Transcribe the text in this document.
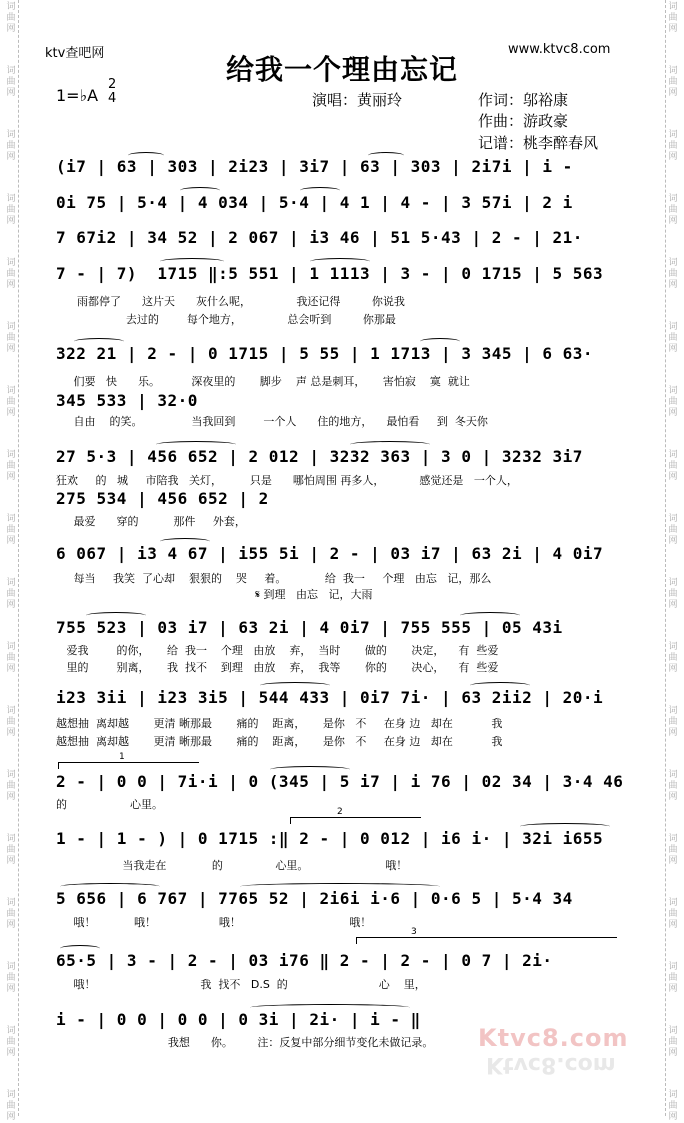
词
曲
网
词
曲
网
词
曲
网
词
曲
网
词
曲
网
词
曲
网
词
曲
网
词
曲
网
词
曲
网
词
曲
网
词
曲
网
词
曲
网
词
曲
网
词
曲
网
词
曲
网
词
曲
网
词
曲
网
词
曲
网
词
曲
网
词
曲
网
词
曲
网
词
曲
网
词
曲
网
词
曲
网
词
曲
网
词
曲
网
词
曲
网
词
曲
网
词
曲
网
词
曲
网
词
曲
网
词
曲
网
词
曲
网
词
曲
网
词
曲
网
词
曲
网
ktv查吧网	www.ktvc8.com
给我一个理由忘记
1=♭A
2
4	演唱：黄丽玲	作词：邬裕康
作曲：游政豪
记谱：桃李醉春风
(i7 | 63 | 303 | 2i23 | 3i7 | 63 | 303 | 2i7i | i -
0i 75 | 5·4 | 4 034 | 5·4 | 4 1 | 4 - | 3 57i | 2 i
7 67i2 | 34 52 | 2 067 | i3 46 | 51 5·43 | 2 - | 21·
7 - | 7)  1715 ‖:5 551 | 1 1113 | 3 - | 0 1715 | 5 563
雨都停了      这片天      灰什么呢，             我还记得         你说我
去过的        每个地方，             总会听到         你那最
322 21 | 2 - | 0 1715 | 5 55 | 1 1713 | 3 345 | 6 63·
们要   快      乐。         深夜里的       脚步    声 总是刺耳，     害怕寂    寞  就让
345 533 | 32·0
自由    的笑。              当我回到        一个人      住的地方，    最怕看     到  冬天你
27 5·3 | 456 652 | 2 012 | 3232 363 | 3 0 | 3232 3i7
狂欢     的   城     市陪我   关灯，        只是      哪怕周围 再多人，          感觉还是   一个人，
275 534 | 456 652 | 2
最爱      穿的          那件     外套，
6 067 | i3 4 67 | i55 5i | 2 - | 03 i7 | 63 2i | 4 0i7
每当     我笑  了心却    狠狠的    哭     着。           给  我一     个理   由忘   记，那么
𝄋 到理   由忘   记，大雨
755 523 | 03 i7 | 63 2i | 4 0i7 | 755 555 | 05 43i
爱我        的你，     给  我一    个理   由放    弃，  当时       做的       决定，    有  些爱
里的        别离，     我  找不    到理   由放    弃，  我等       你的       决心，    有  些爱
i23 3ii | i23 3i5 | 544 433 | 0i7 7i· | 63 2ii2 | 20·i
越想抽  离却越       更清 晰那最       痛的    距离，     是你   不     在身 边   却在           我
越想抽  离却越       更清 晰那最       痛的    距离，     是你   不     在身 边   却在           我
1
2 - | 0 0 | 7i·i | 0 (345 | 5 i7 | i 76 | 02 34 | 3·4 46
的                  心里。
2
1 - | 1 - ) | 0 1715 :‖ 2 - | 0 012 | i6 i· | 32i i655
当我走在             的               心里。                      哦！
5 656 | 6 767 | 7765 52 | 2i6i i·6 | 0·6 5 | 5·4 34
哦！           哦！                  哦！                               哦！
3
65·5 | 3 - | 2 - | 03 i76 ‖ 2 - | 2 - | 0 7 | 2i·
哦！                              我  找不   D.S  的                          心    里，
i - | 0 0 | 0 0 | 0 3i | 2i· | i - ‖
我想      你。       注：反复中部分细节变化未做记录。	Ktvc8.com
Ktvc8.com
